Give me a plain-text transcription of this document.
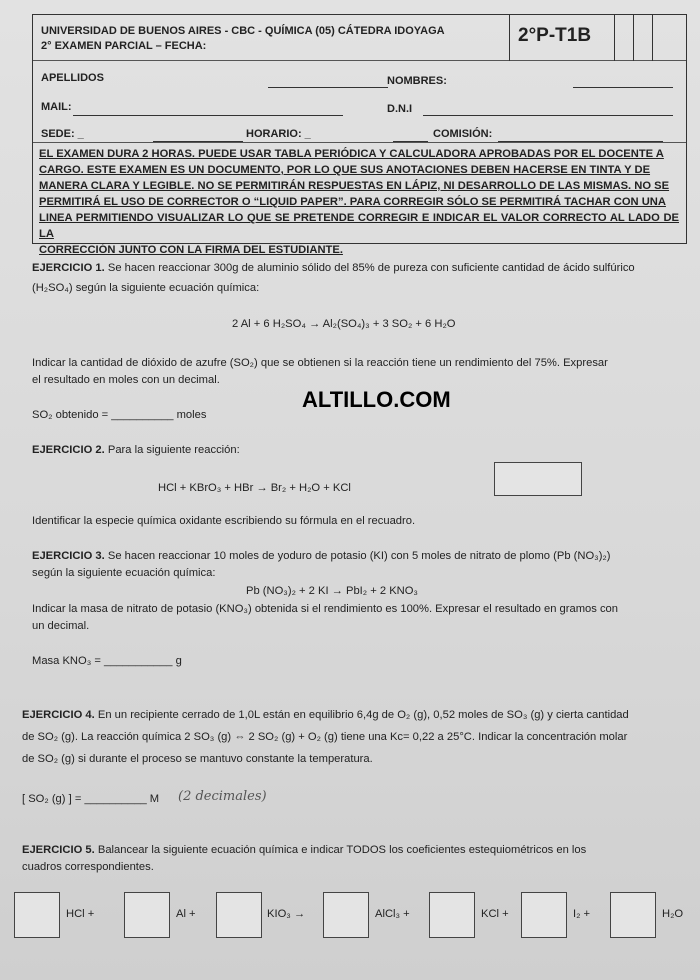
UNIVERSIDAD DE BUENOS AIRES - CBC - QUÍMICA (05) CÁTEDRA IDOYAGA
2° EXAMEN PARCIAL – FECHA:	2°P-T1B
APELLIDOS	NOMBRES:
MAIL:	D.N.I
SEDE: _	HORARIO: _	COMISIÓN:
EL EXAMEN DURA 2 HORAS. PUEDE USAR TABLA PERIÓDICA Y CALCULADORA APROBADAS POR EL DOCENTE A
CARGO. ESTE EXAMEN ES UN DOCUMENTO, POR LO QUE SUS ANOTACIONES DEBEN HACERSE EN TINTA Y DE
MANERA CLARA Y LEGIBLE. NO SE PERMITIRÁN RESPUESTAS EN LÁPIZ, NI DESARROLLO DE LAS MISMAS. NO SE
PERMITIRÁ EL USO DE CORRECTOR O “LIQUID PAPER”. PARA CORREGIR SÓLO SE PERMITIRÁ TACHAR CON UNA
LINEA PERMITIENDO VISUALIZAR LO QUE SE PRETENDE CORREGIR E INDICAR EL VALOR CORRECTO AL LADO DE LA
CORRECCIÓN JUNTO CON LA FIRMA DEL ESTUDIANTE.
EJERCICIO 1. Se hacen reaccionar 300g de aluminio sólido del 85% de pureza con suficiente cantidad de ácido sulfúrico
(H₂SO₄) según la siguiente ecuación química:
2 Al + 6 H₂SO₄ → Al₂(SO₄)₃ + 3 SO₂ + 6 H₂O
Indicar la cantidad de dióxido de azufre (SO₂) que se obtienen si la reacción tiene un rendimiento del 75%. Expresar
el resultado en moles con un decimal.
SO₂ obtenido = __________ moles
ALTILLO.COM
EJERCICIO 2. Para la siguiente reacción:
HCl + KBrO₃ + HBr → Br₂ + H₂O + KCl
Identificar la especie química oxidante escribiendo su fórmula en el recuadro.
EJERCICIO 3. Se hacen reaccionar 10 moles de yoduro de potasio (KI) con 5 moles de nitrato de plomo (Pb (NO₃)₂)
según la siguiente ecuación química:
Pb (NO₃)₂ + 2 KI → PbI₂ + 2 KNO₃
Indicar la masa de nitrato de potasio (KNO₃) obtenida si el rendimiento es 100%. Expresar el resultado en gramos con
un decimal.
Masa KNO₃ = ___________ g
EJERCICIO 4. En un recipiente cerrado de 1,0L están en equilibrio 6,4g de O₂ (g), 0,52 moles de SO₃ (g) y cierta cantidad
de SO₂ (g). La reacción química 2 SO₃ (g) ⇔ 2 SO₂ (g) + O₂ (g) tiene una Kc= 0,22 a 25°C. Indicar la concentración molar
de SO₂ (g) si durante el proceso se mantuvo constante la temperatura.
[ SO₂ (g) ] = __________ M (2 decimales)
EJERCICIO 5. Balancear la siguiente ecuación química e indicar TODOS los coeficientes estequiométricos en los
cuadros correspondientes.
HCl +	Al +	KIO₃ →	AlCl₃ +	KCl +	I₂ +	H₂O
